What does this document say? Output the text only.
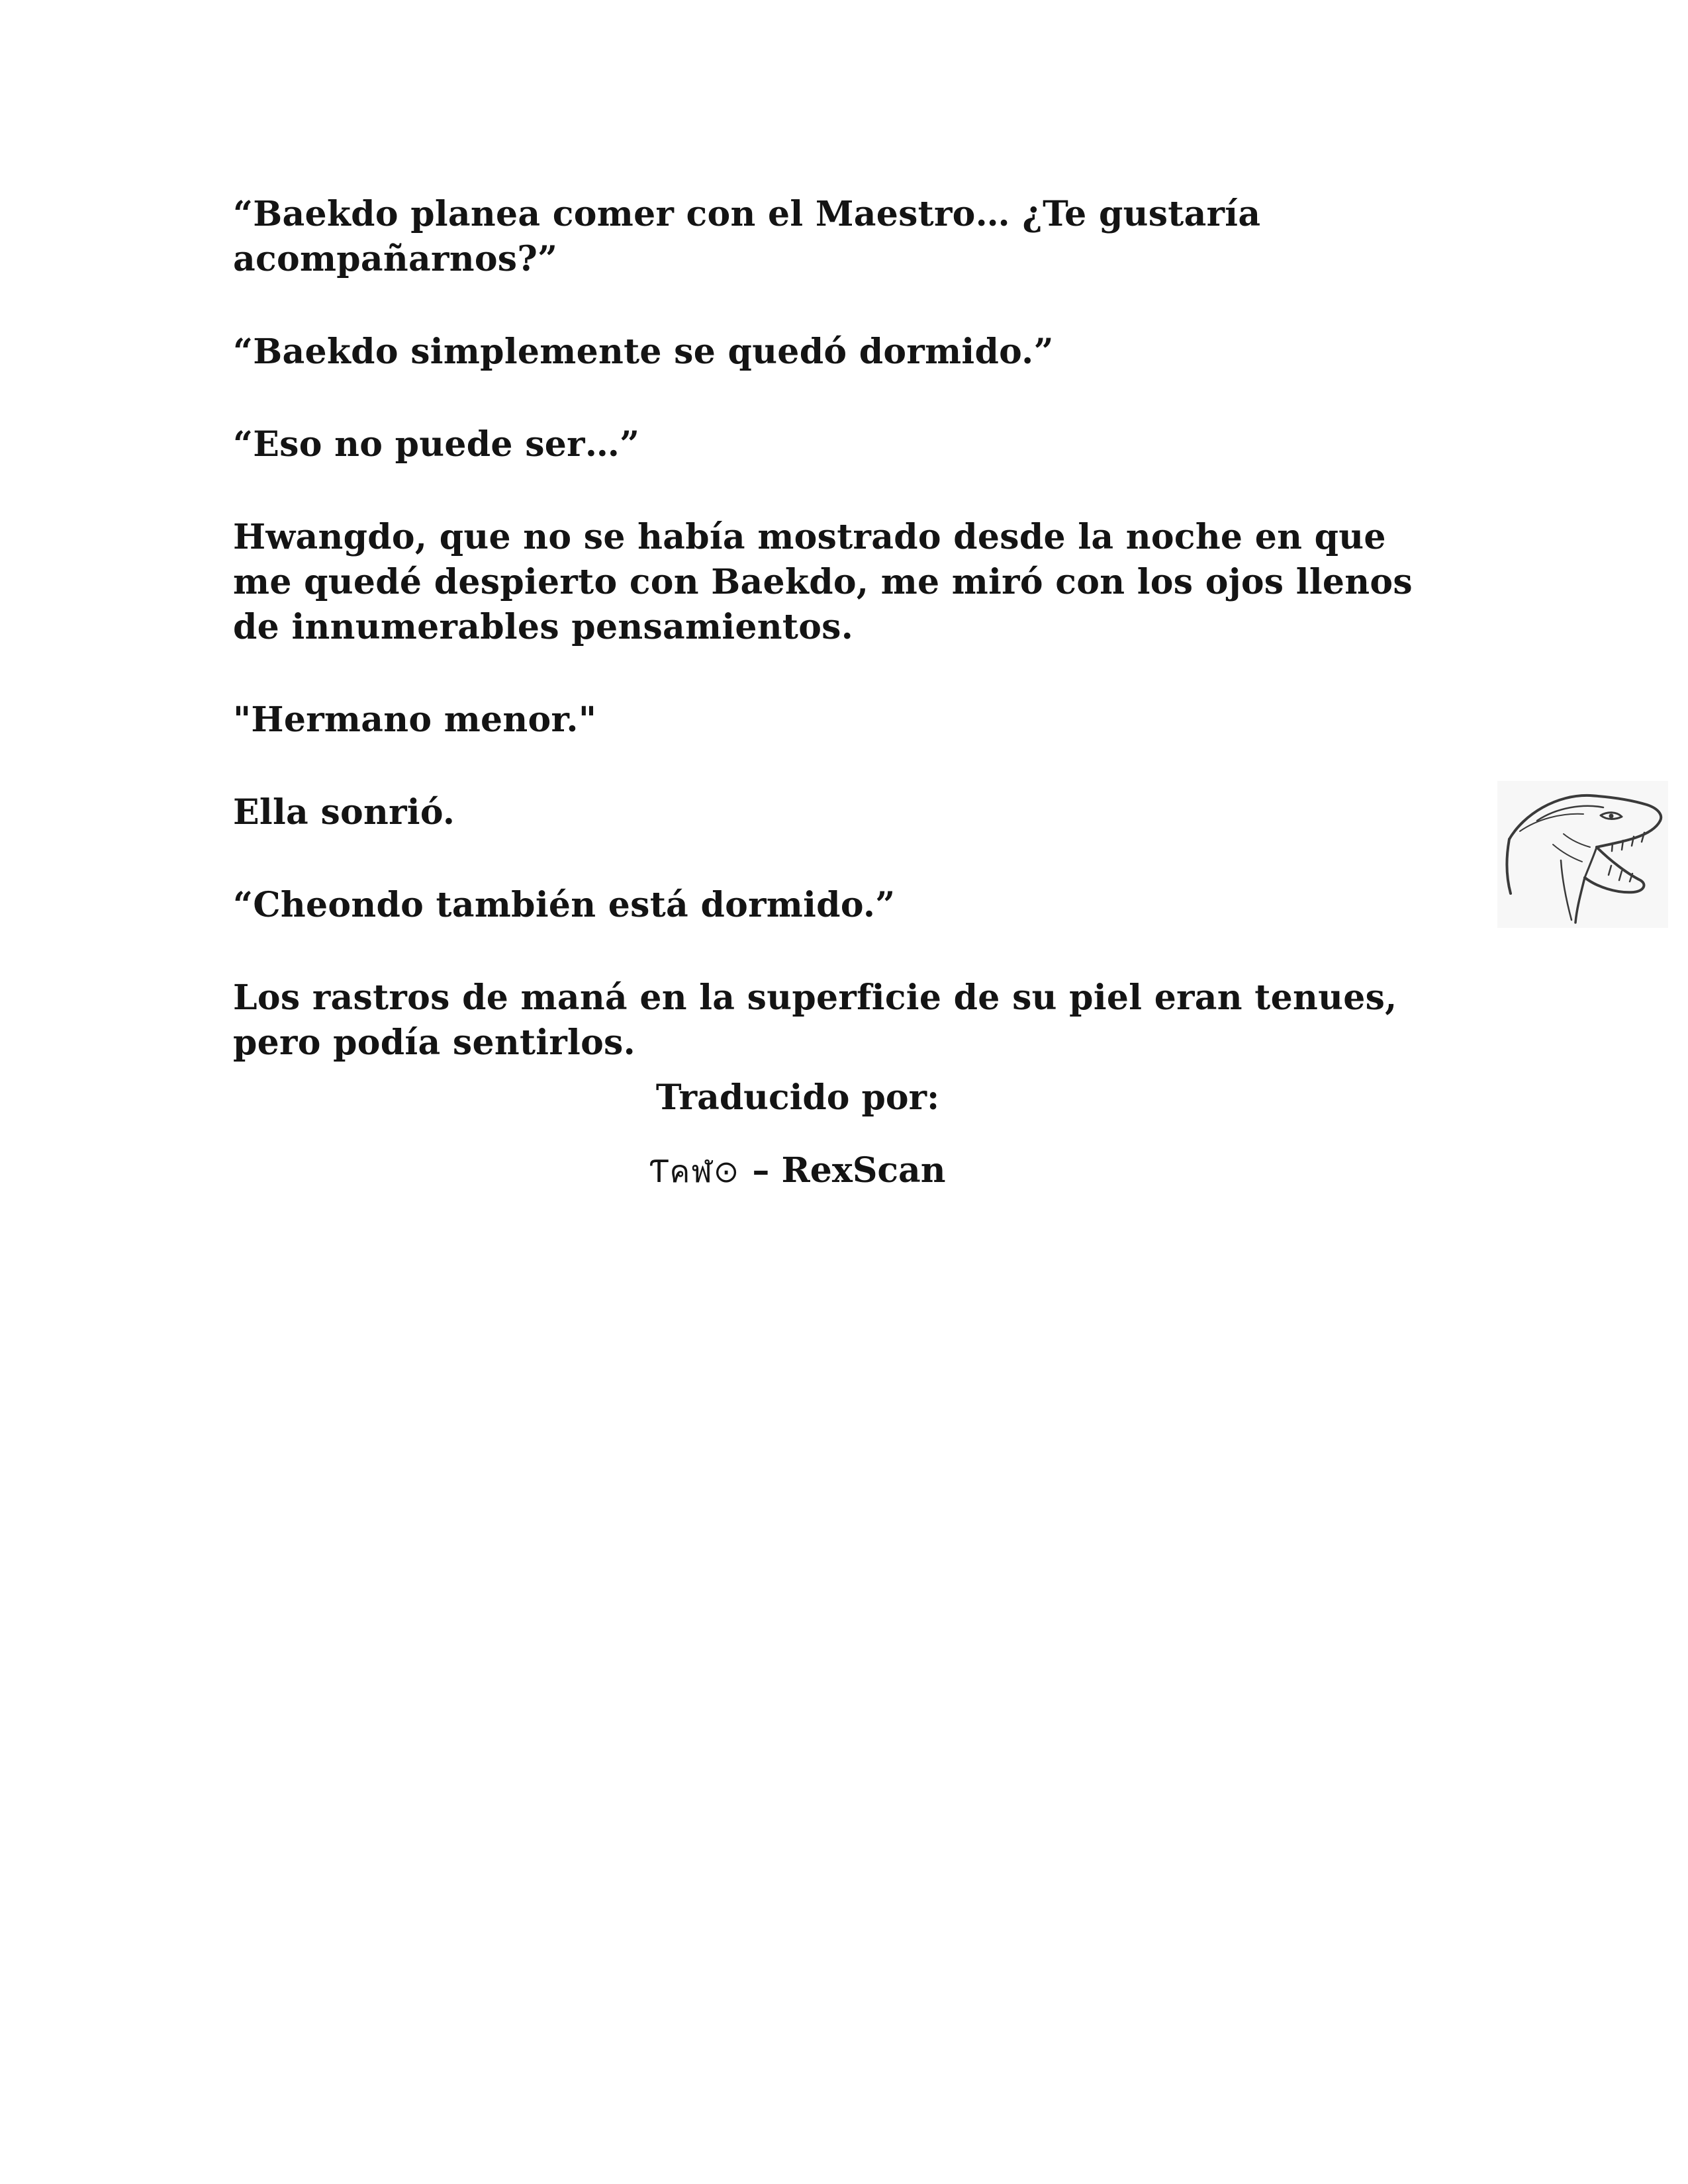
“Baekdo planea comer con el Maestro… ¿Te gustaría acompañarnos?”

“Baekdo simplemente se quedó dormido.”

“Eso no puede ser…”

Hwangdo, que no se había mostrado desde la noche en que me quedé despierto con Baekdo, me miró con los ojos llenos de innumerables pensamientos.

"Hermano menor."

Ella sonrió.

“Cheondo también está dormido.”

Los rastros de maná en la superficie de su piel eran tenues, pero podía sentirlos.

Traducido por:
Ƭคฬ⊙ – RexScan
